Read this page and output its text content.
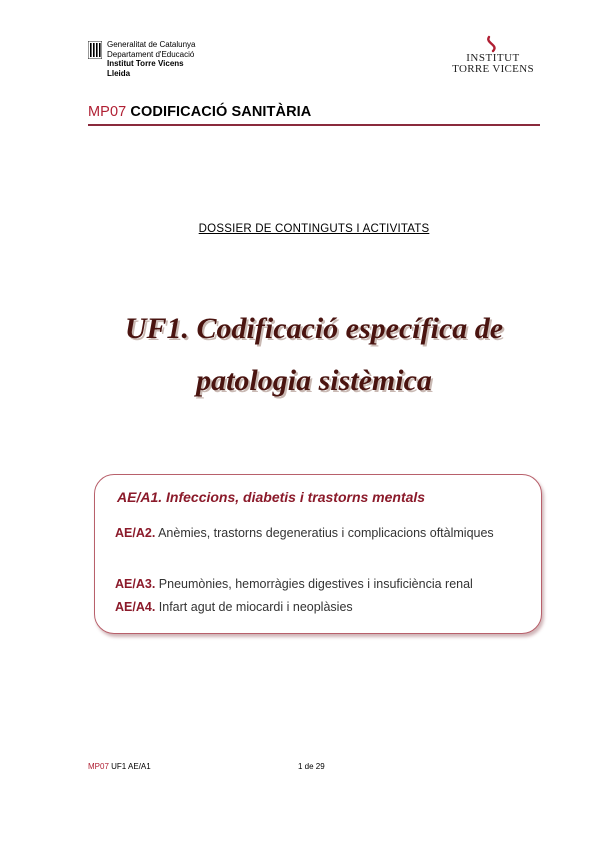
Generalitat de Catalunya
Departament d'Educació
Institut Torre Vicens
Lleida
INSTITUT
TORRE VICENS
MP07 CODIFICACIÓ SANITÀRIA
DOSSIER DE CONTINGUTS I ACTIVITATS
UF1. Codificació específica de
patologia sistèmica
AE/A1. Infeccions, diabetis i trastorns mentals
AE/A2. Anèmies, trastorns degeneratius i complicacions oftàlmiques
AE/A3. Pneumònies, hemorràgies digestives i insuficiència renal
AE/A4. Infart agut de miocardi i neoplàsies
MP07 UF1 AE/A1	1 de 29
